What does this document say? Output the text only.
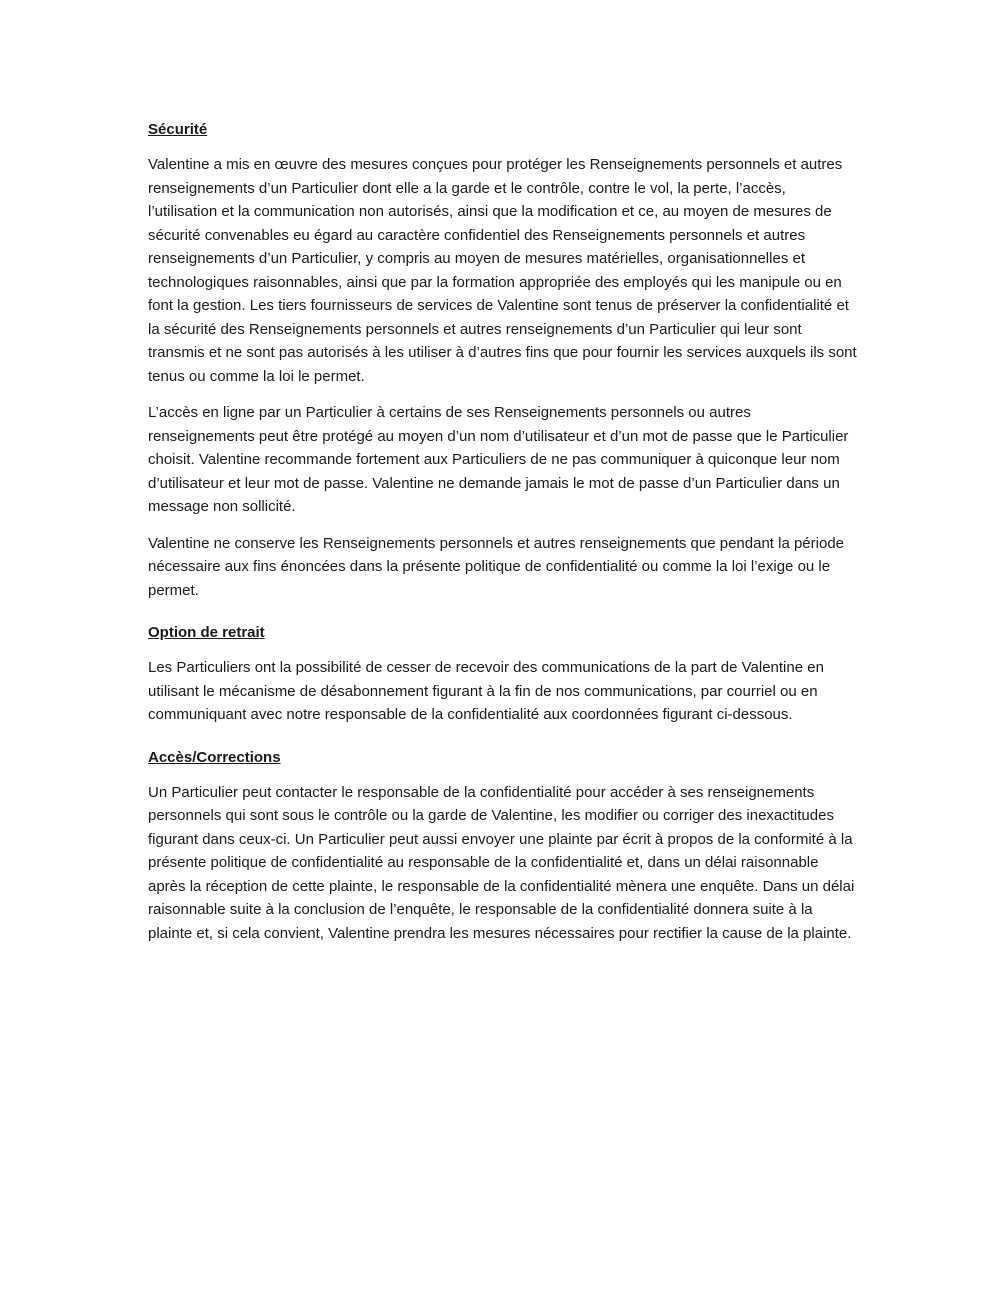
Sécurité

Valentine a mis en œuvre des mesures conçues pour protéger les Renseignements personnels et autres renseignements d’un Particulier dont elle a la garde et le contrôle, contre le vol, la perte, l’accès, l’utilisation et la communication non autorisés, ainsi que la modification et ce, au moyen de mesures de sécurité convenables eu égard au caractère confidentiel des Renseignements personnels et autres renseignements d’un Particulier, y compris au moyen de mesures matérielles, organisationnelles et technologiques raisonnables, ainsi que par la formation appropriée des employés qui les manipule ou en font la gestion. Les tiers fournisseurs de services de Valentine sont tenus de préserver la confidentialité et la sécurité des Renseignements personnels et autres renseignements d’un Particulier qui leur sont transmis et ne sont pas autorisés à les utiliser à d’autres fins que pour fournir les services auxquels ils sont tenus ou comme la loi le permet.

L’accès en ligne par un Particulier à certains de ses Renseignements personnels ou autres renseignements peut être protégé au moyen d’un nom d’utilisateur et d’un mot de passe que le Particulier choisit. Valentine recommande fortement aux Particuliers de ne pas communiquer à quiconque leur nom d’utilisateur et leur mot de passe. Valentine ne demande jamais le mot de passe d’un Particulier dans un message non sollicité.

Valentine ne conserve les Renseignements personnels et autres renseignements que pendant la période nécessaire aux fins énoncées dans la présente politique de confidentialité ou comme la loi l’exige ou le permet.

Option de retrait

Les Particuliers ont la possibilité de cesser de recevoir des communications de la part de Valentine en utilisant le mécanisme de désabonnement figurant à la fin de nos communications, par courriel ou en communiquant avec notre responsable de la confidentialité aux coordonnées figurant ci-dessous.

Accès/Corrections

Un Particulier peut contacter le responsable de la confidentialité pour accéder à ses renseignements personnels qui sont sous le contrôle ou la garde de Valentine, les modifier ou corriger des inexactitudes figurant dans ceux-ci. Un Particulier peut aussi envoyer une plainte par écrit à propos de la conformité à la présente politique de confidentialité au responsable de la confidentialité et, dans un délai raisonnable après la réception de cette plainte, le responsable de la confidentialité mènera une enquête. Dans un délai raisonnable suite à la conclusion de l’enquête, le responsable de la confidentialité donnera suite à la plainte et, si cela convient, Valentine prendra les mesures nécessaires pour rectifier la cause de la plainte.
